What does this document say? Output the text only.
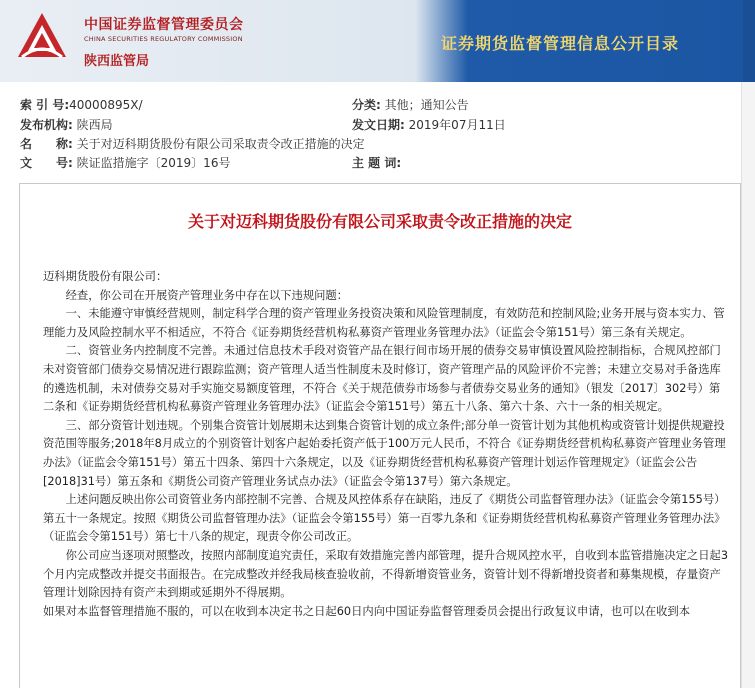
中国证券监督管理委员会
CHINA SECURITIES REGULATORY COMMISSION
陕西监管局
证券期货监督管理信息公开目录
索 引 号:40000895X/	分类: 其他；通知公告
发布机构: 陕西局	发文日期: 2019年07月11日
名　　称: 关于对迈科期货股份有限公司采取责令改正措施的决定
文　　号: 陕证监措施字〔2019〕16号	主 题 词:
关于对迈科期货股份有限公司采取责令改正措施的决定

迈科期货股份有限公司：

经查，你公司在开展资产管理业务中存在以下违规问题：

一、未能遵守审慎经营规则，制定科学合理的资产管理业务投资决策和风险管理制度，有效防范和控制风险;业务开展与资本实力、管理能力及风险控制水平不相适应，不符合《证券期货经营机构私募资产管理业务管理办法》（证监会令第151号）第三条有关规定。

二、资管业务内控制度不完善。未通过信息技术手段对资管产品在银行间市场开展的债券交易审慎设置风险控制指标，合规风控部门未对资管部门债券交易情况进行跟踪监测；资产管理人适当性制度未及时修订，资产管理产品的风险评价不完善；未建立交易对手备选库的遴选机制，未对债券交易对手实施交易额度管理，不符合《关于规范债券市场参与者债券交易业务的通知》（银发〔2017〕302号）第二条和《证券期货经营机构私募资产管理业务管理办法》（证监会令第151号）第五十八条、第六十条、六十一条的相关规定。

三、部分资管计划违规。个别集合资管计划展期未达到集合资管计划的成立条件;部分单一资管计划为其他机构或资管计划提供规避投资范围等服务;2018年8月成立的个别资管计划客户起始委托资产低于100万元人民币，不符合《证券期货经营机构私募资产管理业务管理办法》（证监会令第151号）第五十四条、第四十六条规定，以及《证券期货经营机构私募资产管理计划运作管理规定》（证监会公告[2018]31号）第五条和《期货公司资产管理业务试点办法》（证监会令第137号）第六条规定。

上述问题反映出你公司资管业务内部控制不完善、合规及风控体系存在缺陷，违反了《期货公司监督管理办法》（证监会令第155号）第五十一条规定。按照《期货公司监督管理办法》（证监会令第155号）第一百零九条和《证券期货经营机构私募资产管理业务管理办法》（证监会令第151号）第七十八条的规定，现责令你公司改正。

你公司应当逐项对照整改，按照内部制度追究责任，采取有效措施完善内部管理，提升合规风控水平，自收到本监管措施决定之日起3个月内完成整改并提交书面报告。在完成整改并经我局核查验收前，不得新增资管业务，资管计划不得新增投资者和募集规模，存量资产管理计划除因持有资产未到期或延期外不得展期。

如果对本监督管理措施不服的，可以在收到本决定书之日起60日内向中国证券监督管理委员会提出行政复议申请，也可以在收到本
